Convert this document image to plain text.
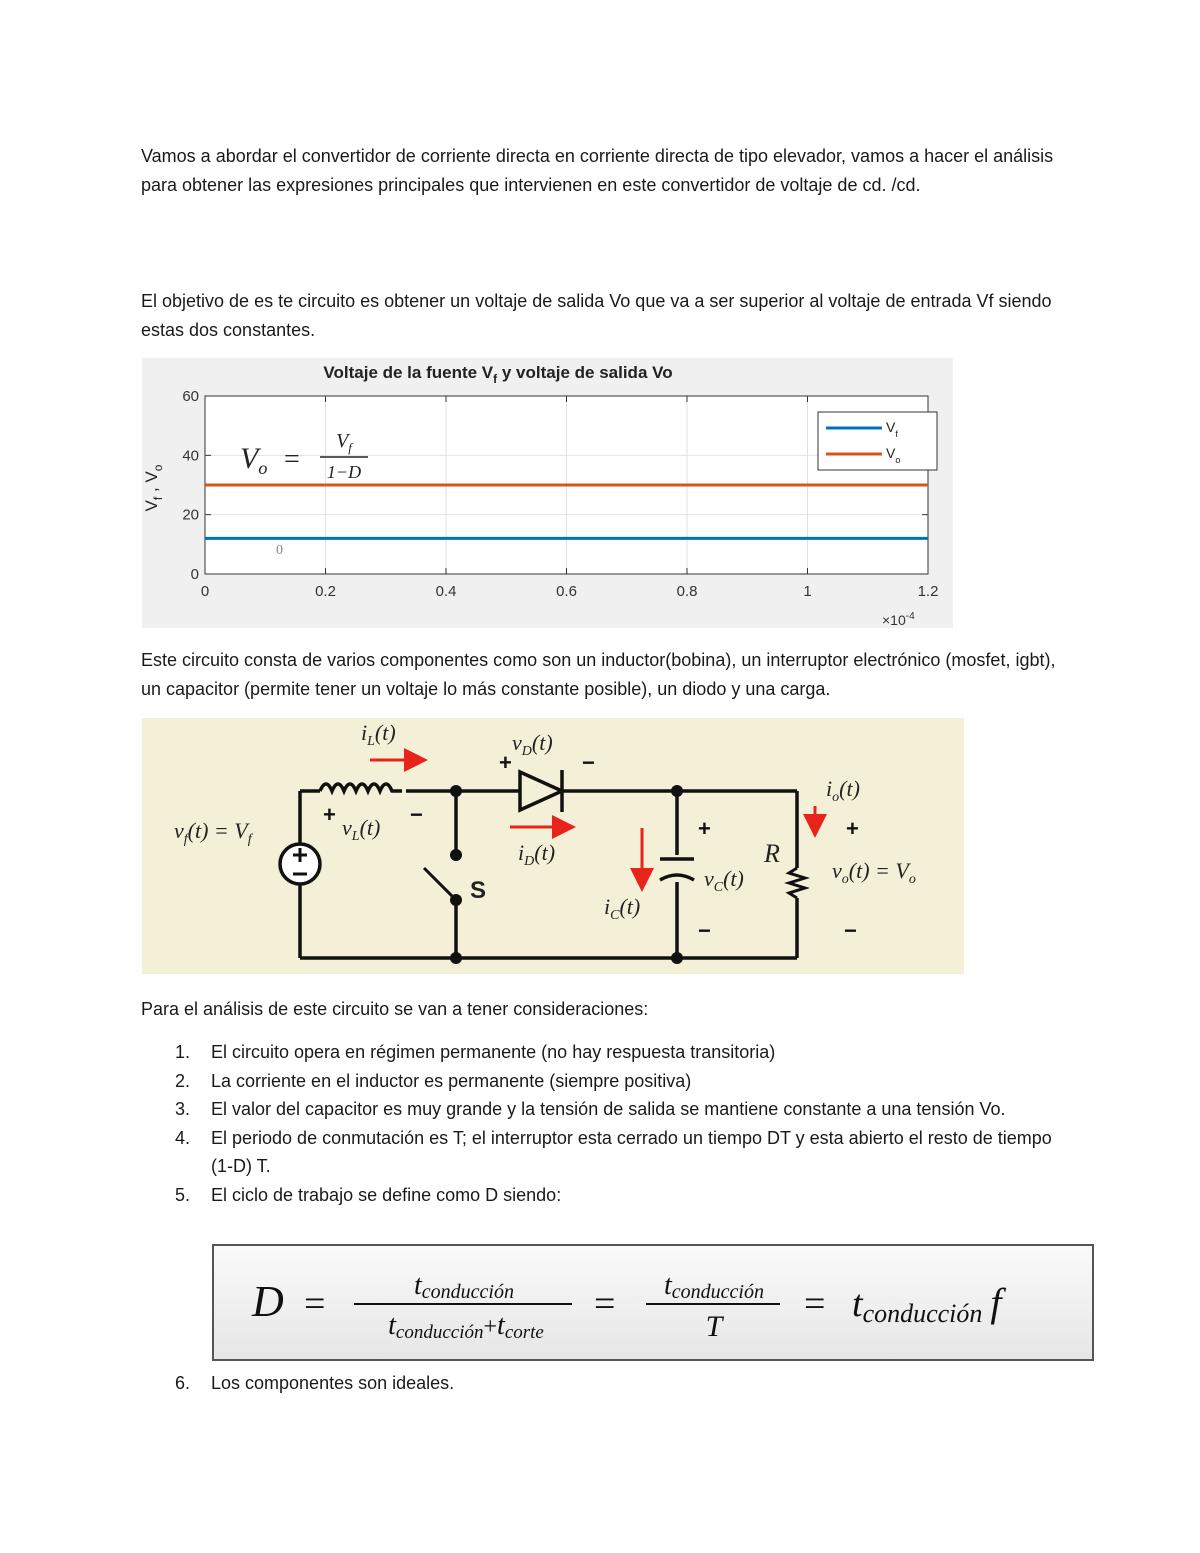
Vamos a abordar el convertidor de corriente directa en corriente directa de tipo elevador, vamos a hacer el análisis para obtener las expresiones principales que intervienen en este convertidor de voltaje de cd. /cd.

El objetivo de es te circuito es obtener un voltaje de salida Vo que va a ser superior al voltaje de entrada Vf siendo estas dos constantes.

Voltaje de la fuente $V_f$ y voltaje de salida Vo
0	0.2	0.4	0.6	0.8	1	1.2
0
20
40
60
$V_f$ , $V_o$
$\times 10^{-4}$
$V_f$
$V_o$
$V_o$ =
$V_f$
1−D
0

Este circuito consta de varios componentes como son un inductor(bobina), un interruptor electrónico (mosfet, igbt), un capacitor (permite tener un voltaje lo más constante posible), un diodo y una carga.

$i_L(t)$	$v_D(t)$
$v_f(t) = V_f$	$v_L(t)$
$i_D(t)$
$i_C(t)$
$v_C(t)$
R
$i_o(t)$
$v_o(t) = V_o$
S
+	−
+	−
+
−
+
−

Para el análisis de este circuito se van a tener consideraciones:

1. El circuito opera en régimen permanente (no hay respuesta transitoria)
2. La corriente en el inductor es permanente (siempre positiva)
3. El valor del capacitor es muy grande y la tensión de salida se mantiene constante a una tensión Vo.
4. El periodo de conmutación es T; el interruptor esta cerrado un tiempo DT y esta abierto el resto de tiempo (1-D) T.
5. El ciclo de trabajo se define como D siendo:
D =	tconducción
tconducción+tcorte
= tconducción
T
= tconducción f
6. Los componentes son ideales.
